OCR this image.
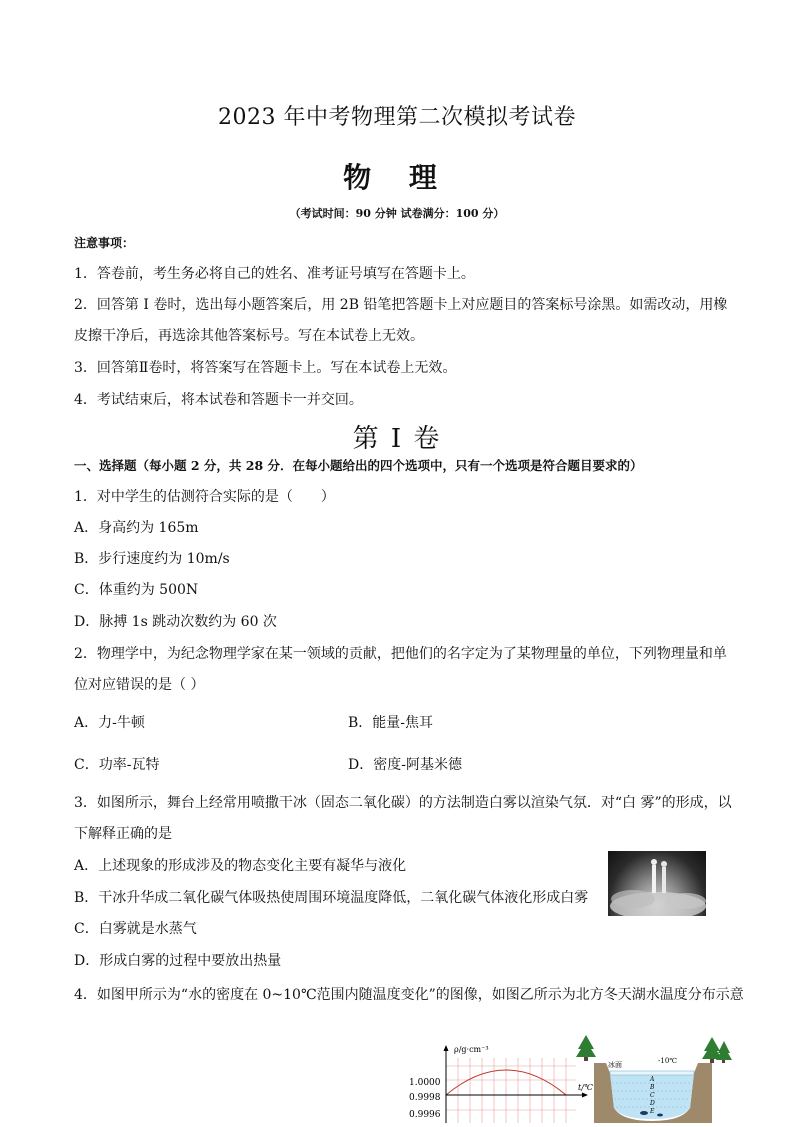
2023 年中考物理第二次模拟考试卷
物 理
（考试时间：90 分钟 试卷满分：100 分）
注意事项：
1．答卷前，考生务必将自己的姓名、准考证号填写在答题卡上。
2．回答第 I 卷时，选出每小题答案后，用 2B 铅笔把答题卡上对应题目的答案标号涂黑。如需改动，用橡
皮擦干净后，再选涂其他答案标号。写在本试卷上无效。
3．回答第Ⅱ卷时，将答案写在答题卡上。写在本试卷上无效。
4．考试结束后，将本试卷和答题卡一并交回。
第 I 卷
一、选择题（每小题 2 分，共 28 分．在每小题给出的四个选项中，只有一个选项是符合题目要求的）
1．对中学生的估测符合实际的是（　　）
A．身高约为 165m
B．步行速度约为 10m/s
C．体重约为 500N
D．脉搏 1s 跳动次数约为 60 次
2．物理学中，为纪念物理学家在某一领域的贡献，把他们的名字定为了某物理量的单位，下列物理量和单
位对应错误的是（ ）
A．力-牛顿	B．能量-焦耳
C．功率-瓦特	D．密度-阿基米德
3．如图所示，舞台上经常用喷撒干冰（固态二氧化碳）的方法制造白雾以渲染气氛．对“白 雾”的形成，以
下解释正确的是
A．上述现象的形成涉及的物态变化主要有凝华与液化
B．干冰升华成二氧化碳气体吸热使周围环境温度降低，二氧化碳气体液化形成白雾
C．白雾就是水蒸气
D．形成白雾的过程中要放出热量
4．如图甲所示为“水的密度在 0~10℃范围内随温度变化”的图像，如图乙所示为北方冬天湖水温度分布示意
ρ/g·cm⁻³
t/℃
1.0000
0.9998
0.9996
冰面	-10℃
A
B
C
D
E
